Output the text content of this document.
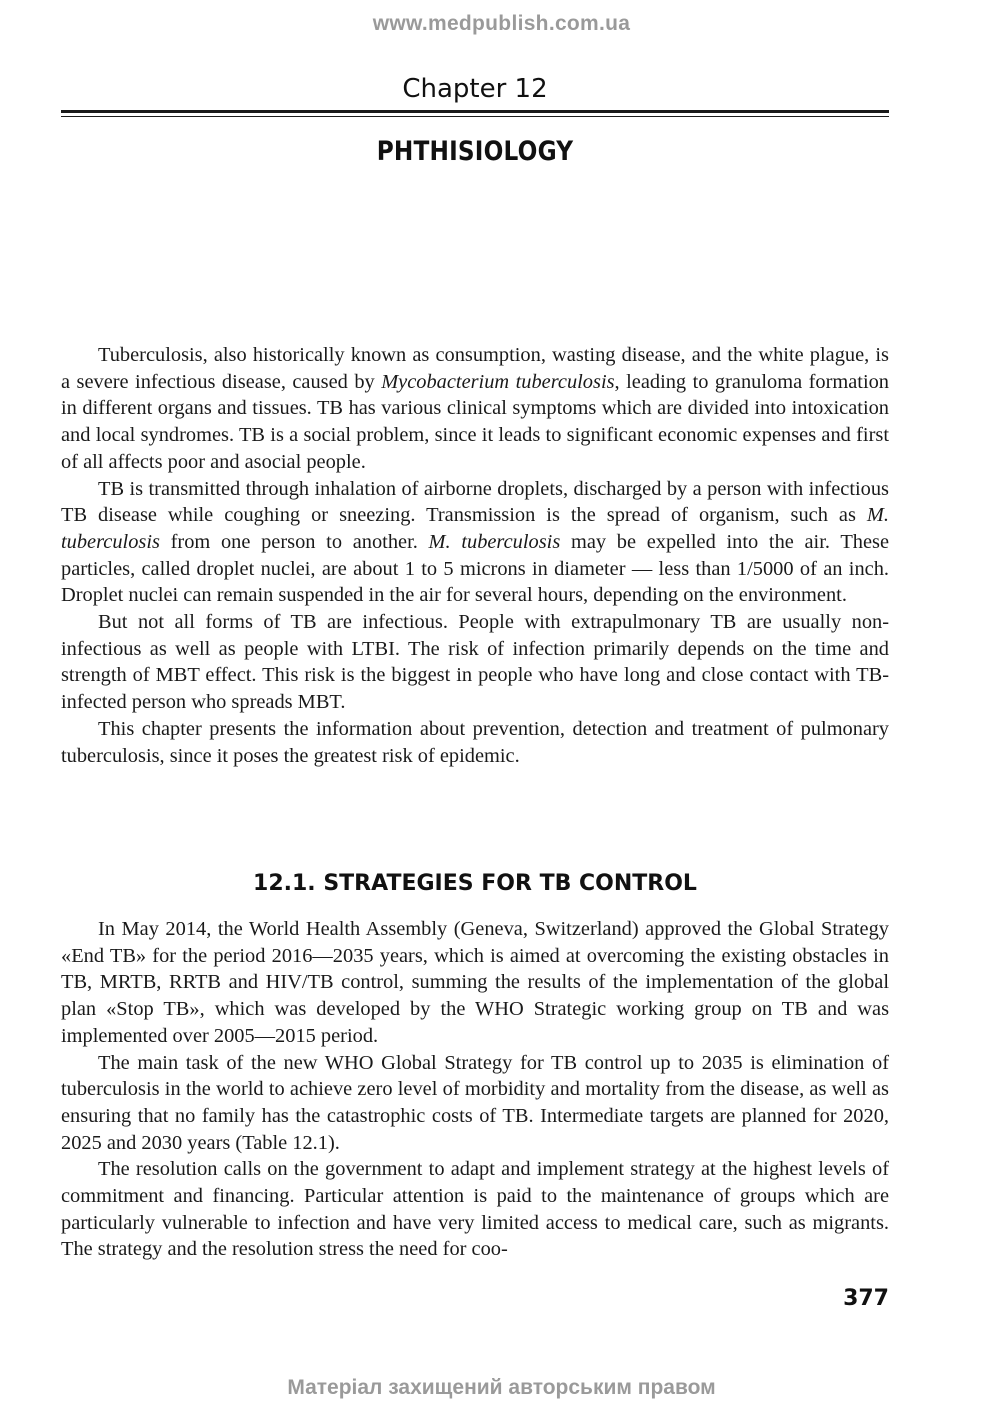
www.medpublish.com.ua
Chapter 12
PHTHISIOLOGY

Tuberculosis, also historically known as consumption, wasting disease, and the white plague, is a severe infectious disease, caused by Mycobacterium tuberculosis, leading to granuloma formation in different organs and tissues. TB has various clinical symptoms which are divided into intoxication and local syndromes. TB is a social problem, since it leads to significant economic expenses and first of all affects poor and asocial people.

TB is transmitted through inhalation of airborne droplets, discharged by a person with infectious TB disease while coughing or sneezing. Transmission is the spread of organism, such as M. tuberculosis from one person to another. M. tuberculosis may be expelled into the air. These particles, called droplet nuclei, are about 1 to 5 microns in diameter — less than 1/5000 of an inch. Droplet nuclei can remain suspended in the air for several hours, depending on the environment.

But not all forms of TB are infectious. People with extrapulmonary TB are usually non-infectious as well as people with LTBI. The risk of infection primarily depends on the time and strength of MBT effect. This risk is the biggest in people who have long and close contact with TB-infected person who spreads MBT.

This chapter presents the information about prevention, detection and treatment of pulmonary tuberculosis, since it poses the greatest risk of epidemic.

12.1. STRATEGIES FOR TB CONTROL

In May 2014, the World Health Assembly (Geneva, Switzerland) approved the Global Strategy «End TB» for the period 2016—2035 years, which is aimed at overcoming the existing obstacles in TB, MRTB, RRTB and HIV/TB control, summing the results of the implementation of the global plan «Stop TB», which was developed by the WHO Strategic working group on TB and was implemented over 2005—2015 period.

The main task of the new WHO Global Strategy for TB control up to 2035 is elimination of tuberculosis in the world to achieve zero level of morbidity and mortality from the disease, as well as ensuring that no family has the catastrophic costs of TB. Intermediate targets are planned for 2020, 2025 and 2030 years (Table 12.1).

The resolution calls on the government to adapt and implement strategy at the highest levels of commitment and financing. Particular attention is paid to the maintenance of groups which are particularly vulnerable to infection and have very limited access to medical care, such as migrants. The strategy and the resolution stress the need for coo-

377
Матеріал захищений авторським правом
